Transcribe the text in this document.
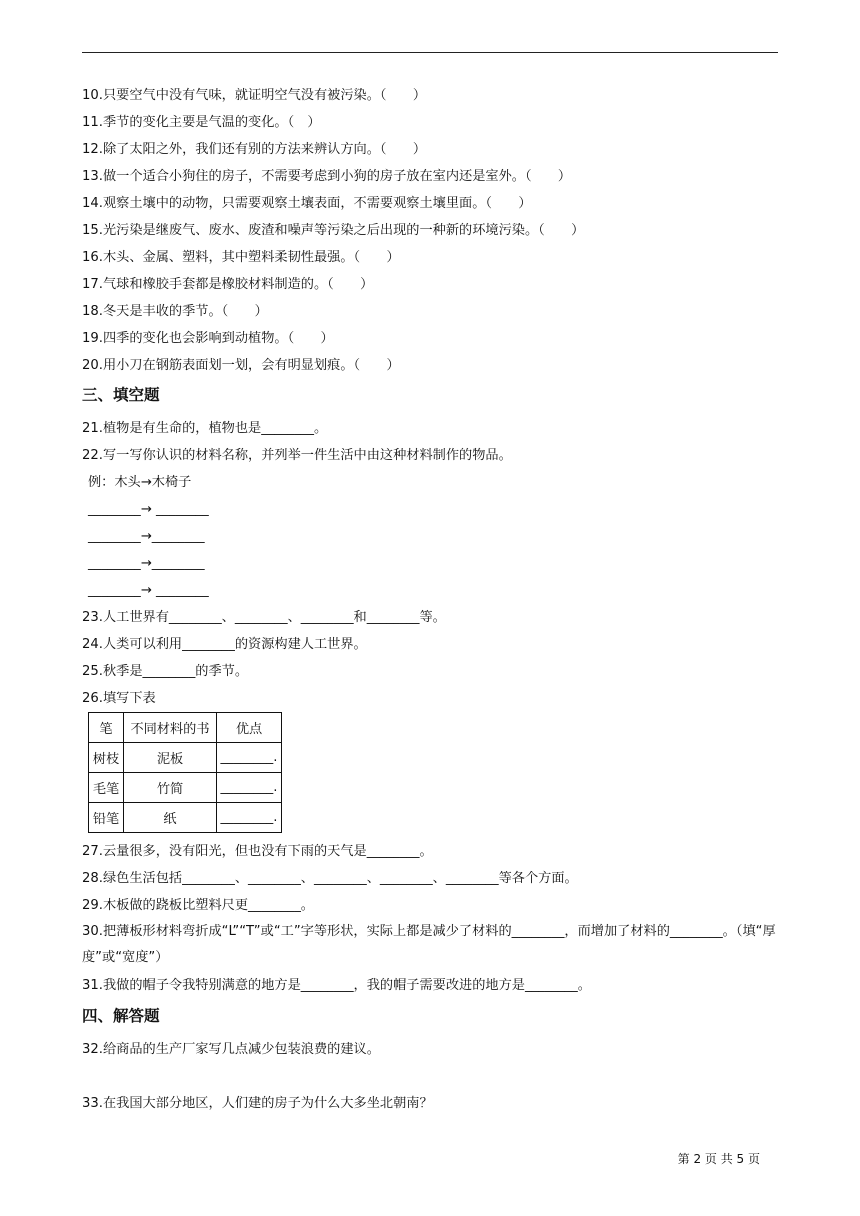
10.只要空气中没有气味，就证明空气没有被污染。（　　）
11.季节的变化主要是气温的变化。（　）
12.除了太阳之外，我们还有别的方法来辨认方向。（　　）
13.做一个适合小狗住的房子，不需要考虑到小狗的房子放在室内还是室外。（　　）
14.观察土壤中的动物，只需要观察土壤表面，不需要观察土壤里面。（　　）
15.光污染是继废气、废水、废渣和噪声等污染之后出现的一种新的环境污染。（　　）
16.木头、金属、塑料，其中塑料柔韧性最强。（　　）
17.气球和橡胶手套都是橡胶材料制造的。（　　）
18.冬天是丰收的季节。（　　）
19.四季的变化也会影响到动植物。（　　）
20.用小刀在钢筋表面划一划，会有明显划痕。（　　）
三、填空题
21.植物是有生命的，植物也是________。
22.写一写你认识的材料名称，并列举一件生活中由这种材料制作的物品。
例：木头→木椅子
________→ ________
________→________
________→________
________→ ________
23.人工世界有________、________、________和________等。
24.人类可以利用________的资源构建人工世界。
25.秋季是________的季节。
26.填写下表
笔	不同材料的书	优点
树枝	泥板	________.
毛笔	竹简	________.
铅笔	纸	________.
27.云量很多，没有阳光，但也没有下雨的天气是________。
28.绿色生活包括________、________、________、________、________等各个方面。
29.木板做的跷板比塑料尺更________。
30.把薄板形材料弯折成“L”“T”或“工”字等形状，实际上都是减少了材料的________，而增加了材料的________。（填“厚度”或“宽度”）
31.我做的帽子令我特别满意的地方是________，我的帽子需要改进的地方是________。
四、解答题
32.给商品的生产厂家写几点减少包装浪费的建议。
33.在我国大部分地区，人们建的房子为什么大多坐北朝南？
第 2 页 共 5 页
